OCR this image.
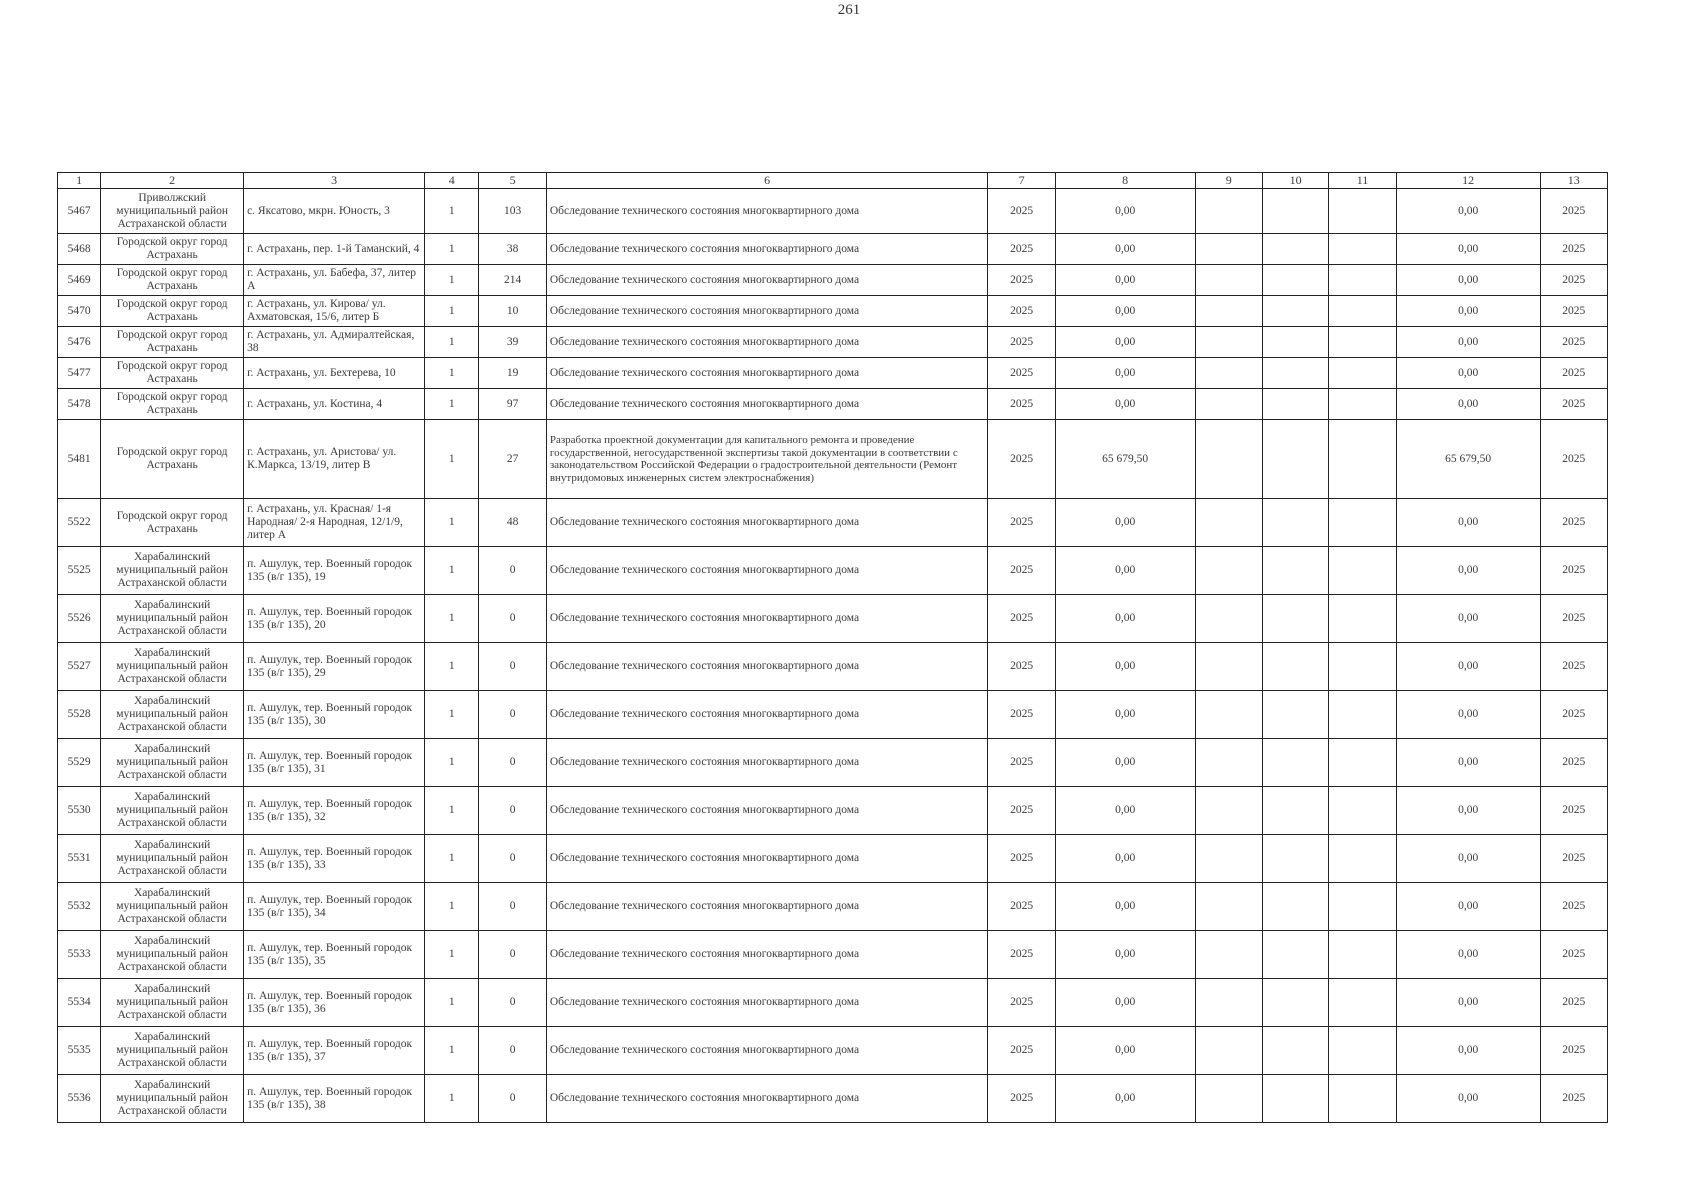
261
1	2	3	4	5	6	7	8	9	10	11	12	13
5467	Приволжский муниципальный район Астраханской области	с. Яксатово, мкрн. Юность, 3	1	103	Обследование технического состояния многоквартирного дома	2025	0,00				0,00	2025
5468	Городской округ город Астрахань	г. Астрахань, пер. 1-й Таманский, 4	1	38	Обследование технического состояния многоквартирного дома	2025	0,00				0,00	2025
5469	Городской округ город Астрахань	г. Астрахань, ул. Бабефа, 37, литер А	1	214	Обследование технического состояния многоквартирного дома	2025	0,00				0,00	2025
5470	Городской округ город Астрахань	г. Астрахань, ул. Кирова/ ул. Ахматовская, 15/6, литер Б	1	10	Обследование технического состояния многоквартирного дома	2025	0,00				0,00	2025
5476	Городской округ город Астрахань	г. Астрахань, ул. Адмиралтейская, 38	1	39	Обследование технического состояния многоквартирного дома	2025	0,00				0,00	2025
5477	Городской округ город Астрахань	г. Астрахань, ул. Бехтерева, 10	1	19	Обследование технического состояния многоквартирного дома	2025	0,00				0,00	2025
5478	Городской округ город Астрахань	г. Астрахань, ул. Костина, 4	1	97	Обследование технического состояния многоквартирного дома	2025	0,00				0,00	2025
5481	Городской округ город Астрахань	г. Астрахань, ул. Аристова/ ул. К.Маркса, 13/19, литер В	1	27	Разработка проектной документации для капитального ремонта и проведение государственной, негосударственной экспертизы такой документации в соответствии с законодательством Российской Федерации о градостроительной деятельности (Ремонт внутридомовых инженерных систем электроснабжения)	2025	65 679,50				65 679,50	2025
5522	Городской округ город Астрахань	г. Астрахань, ул. Красная/ 1-я Народная/ 2-я Народная, 12/1/9, литер А	1	48	Обследование технического состояния многоквартирного дома	2025	0,00				0,00	2025
5525	Харабалинский муниципальный район Астраханской области	п. Ашулук, тер. Военный городок 135 (в/г 135), 19	1	0	Обследование технического состояния многоквартирного дома	2025	0,00				0,00	2025
5526	Харабалинский муниципальный район Астраханской области	п. Ашулук, тер. Военный городок 135 (в/г 135), 20	1	0	Обследование технического состояния многоквартирного дома	2025	0,00				0,00	2025
5527	Харабалинский муниципальный район Астраханской области	п. Ашулук, тер. Военный городок 135 (в/г 135), 29	1	0	Обследование технического состояния многоквартирного дома	2025	0,00				0,00	2025
5528	Харабалинский муниципальный район Астраханской области	п. Ашулук, тер. Военный городок 135 (в/г 135), 30	1	0	Обследование технического состояния многоквартирного дома	2025	0,00				0,00	2025
5529	Харабалинский муниципальный район Астраханской области	п. Ашулук, тер. Военный городок 135 (в/г 135), 31	1	0	Обследование технического состояния многоквартирного дома	2025	0,00				0,00	2025
5530	Харабалинский муниципальный район Астраханской области	п. Ашулук, тер. Военный городок 135 (в/г 135), 32	1	0	Обследование технического состояния многоквартирного дома	2025	0,00				0,00	2025
5531	Харабалинский муниципальный район Астраханской области	п. Ашулук, тер. Военный городок 135 (в/г 135), 33	1	0	Обследование технического состояния многоквартирного дома	2025	0,00				0,00	2025
5532	Харабалинский муниципальный район Астраханской области	п. Ашулук, тер. Военный городок 135 (в/г 135), 34	1	0	Обследование технического состояния многоквартирного дома	2025	0,00				0,00	2025
5533	Харабалинский муниципальный район Астраханской области	п. Ашулук, тер. Военный городок 135 (в/г 135), 35	1	0	Обследование технического состояния многоквартирного дома	2025	0,00				0,00	2025
5534	Харабалинский муниципальный район Астраханской области	п. Ашулук, тер. Военный городок 135 (в/г 135), 36	1	0	Обследование технического состояния многоквартирного дома	2025	0,00				0,00	2025
5535	Харабалинский муниципальный район Астраханской области	п. Ашулук, тер. Военный городок 135 (в/г 135), 37	1	0	Обследование технического состояния многоквартирного дома	2025	0,00				0,00	2025
5536	Харабалинский муниципальный район Астраханской области	п. Ашулук, тер. Военный городок 135 (в/г 135), 38	1	0	Обследование технического состояния многоквартирного дома	2025	0,00				0,00	2025
